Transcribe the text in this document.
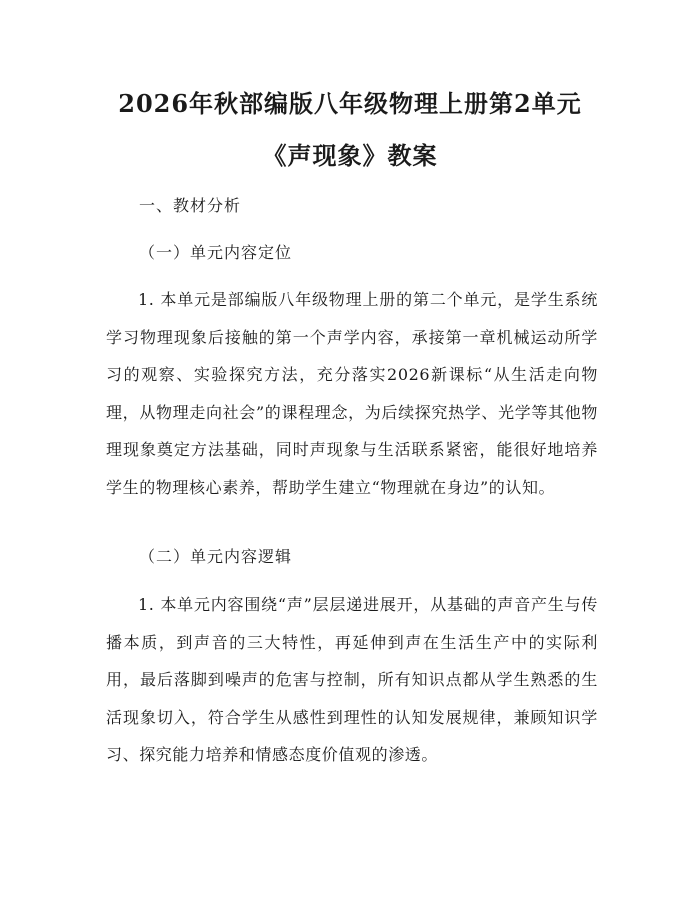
2026年秋部编版八年级物理上册第2单元
《声现象》教案
一、教材分析
（一）单元内容定位
1. 本单元是部编版八年级物理上册的第二个单元，是学生系统学习物理现象后接触的第一个声学内容，承接第一章机械运动所学习的观察、实验探究方法，充分落实2026新课标“从生活走向物理，从物理走向社会”的课程理念，为后续探究热学、光学等其他物理现象奠定方法基础，同时声现象与生活联系紧密，能很好地培养学生的物理核心素养，帮助学生建立“物理就在身边”的认知。
（二）单元内容逻辑
1. 本单元内容围绕“声”层层递进展开，从基础的声音产生与传播本质，到声音的三大特性，再延伸到声在生活生产中的实际利用，最后落脚到噪声的危害与控制，所有知识点都从学生熟悉的生活现象切入，符合学生从感性到理性的认知发展规律，兼顾知识学习、探究能力培养和情感态度价值观的渗透。
